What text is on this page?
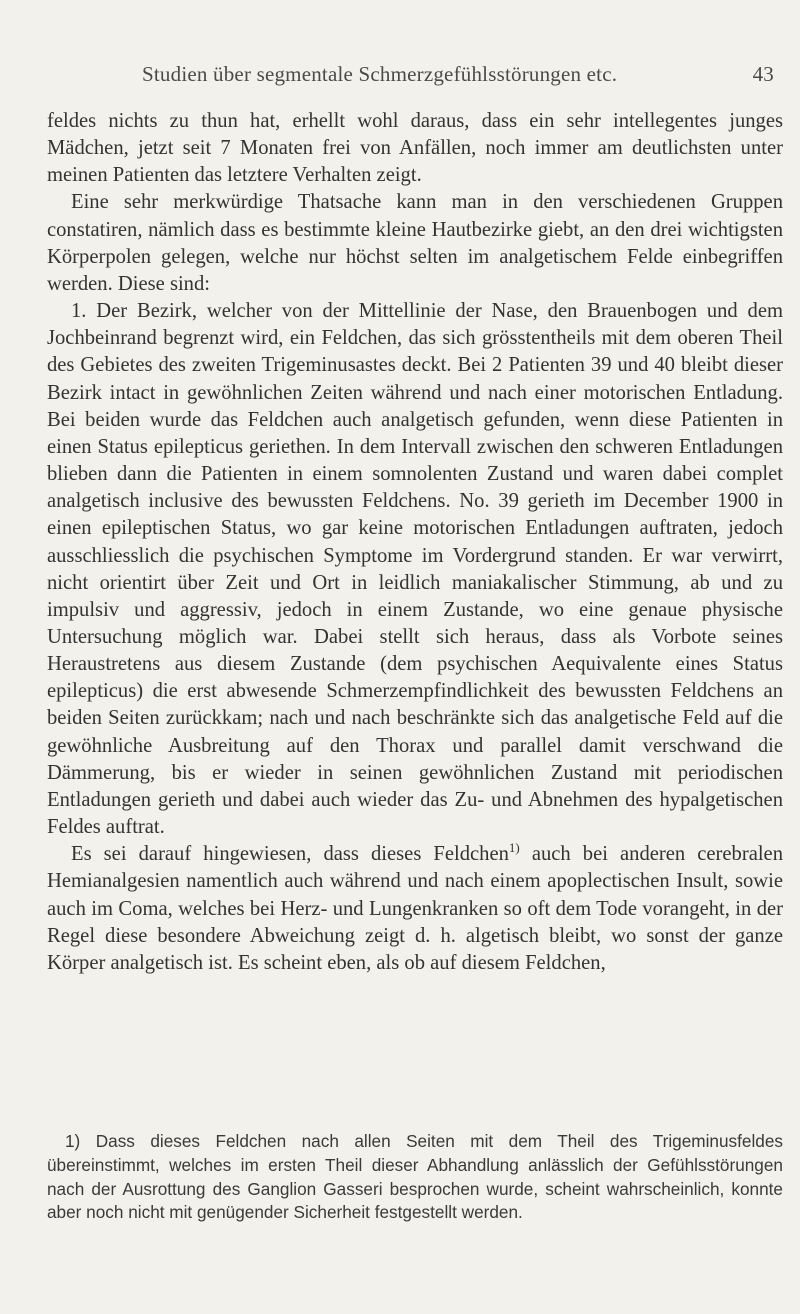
Studien über segmentale Schmerzgefühlsstörungen etc.	43

feldes nichts zu thun hat, erhellt wohl daraus, dass ein sehr intellegentes junges Mädchen, jetzt seit 7 Monaten frei von Anfällen, noch immer am deutlichsten unter meinen Patienten das letztere Verhalten zeigt.

Eine sehr merkwürdige Thatsache kann man in den verschiedenen Gruppen constatiren, nämlich dass es bestimmte kleine Hautbezirke giebt, an den drei wichtigsten Körperpolen gelegen, welche nur höchst selten im analgetischem Felde einbegriffen werden. Diese sind:

1. Der Bezirk, welcher von der Mittellinie der Nase, den Brauenbogen und dem Jochbeinrand begrenzt wird, ein Feldchen, das sich grösstentheils mit dem oberen Theil des Gebietes des zweiten Trigeminusastes deckt. Bei 2 Patienten 39 und 40 bleibt dieser Bezirk intact in gewöhnlichen Zeiten während und nach einer motorischen Entladung. Bei beiden wurde das Feldchen auch analgetisch gefunden, wenn diese Patienten in einen Status epilepticus geriethen. In dem Intervall zwischen den schweren Entladungen blieben dann die Patienten in einem somnolenten Zustand und waren dabei complet analgetisch inclusive des bewussten Feldchens. No. 39 gerieth im December 1900 in einen epileptischen Status, wo gar keine motorischen Entladungen auftraten, jedoch ausschliesslich die psychischen Symptome im Vordergrund standen. Er war verwirrt, nicht orientirt über Zeit und Ort in leidlich maniakalischer Stimmung, ab und zu impulsiv und aggressiv, jedoch in einem Zustande, wo eine genaue physische Untersuchung möglich war. Dabei stellt sich heraus, dass als Vorbote seines Heraustretens aus diesem Zustande (dem psychischen Aequivalente eines Status epilepticus) die erst abwesende Schmerzempfindlichkeit des bewussten Feldchens an beiden Seiten zurückkam; nach und nach beschränkte sich das analgetische Feld auf die gewöhnliche Ausbreitung auf den Thorax und parallel damit verschwand die Dämmerung, bis er wieder in seinen gewöhnlichen Zustand mit periodischen Entladungen gerieth und dabei auch wieder das Zu- und Abnehmen des hypalgetischen Feldes auftrat.

Es sei darauf hingewiesen, dass dieses Feldchen$^{1)}$ auch bei anderen cerebralen Hemianalgesien namentlich auch während und nach einem apoplectischen Insult, sowie auch im Coma, welches bei Herz- und Lungenkranken so oft dem Tode vorangeht, in der Regel diese besondere Abweichung zeigt d. h. algetisch bleibt, wo sonst der ganze Körper analgetisch ist. Es scheint eben, als ob auf diesem Feldchen,

1) Dass dieses Feldchen nach allen Seiten mit dem Theil des Trigeminusfeldes übereinstimmt, welches im ersten Theil dieser Abhandlung anlässlich der Gefühlsstörungen nach der Ausrottung des Ganglion Gasseri besprochen wurde, scheint wahrscheinlich, konnte aber noch nicht mit genügender Sicherheit festgestellt werden.
